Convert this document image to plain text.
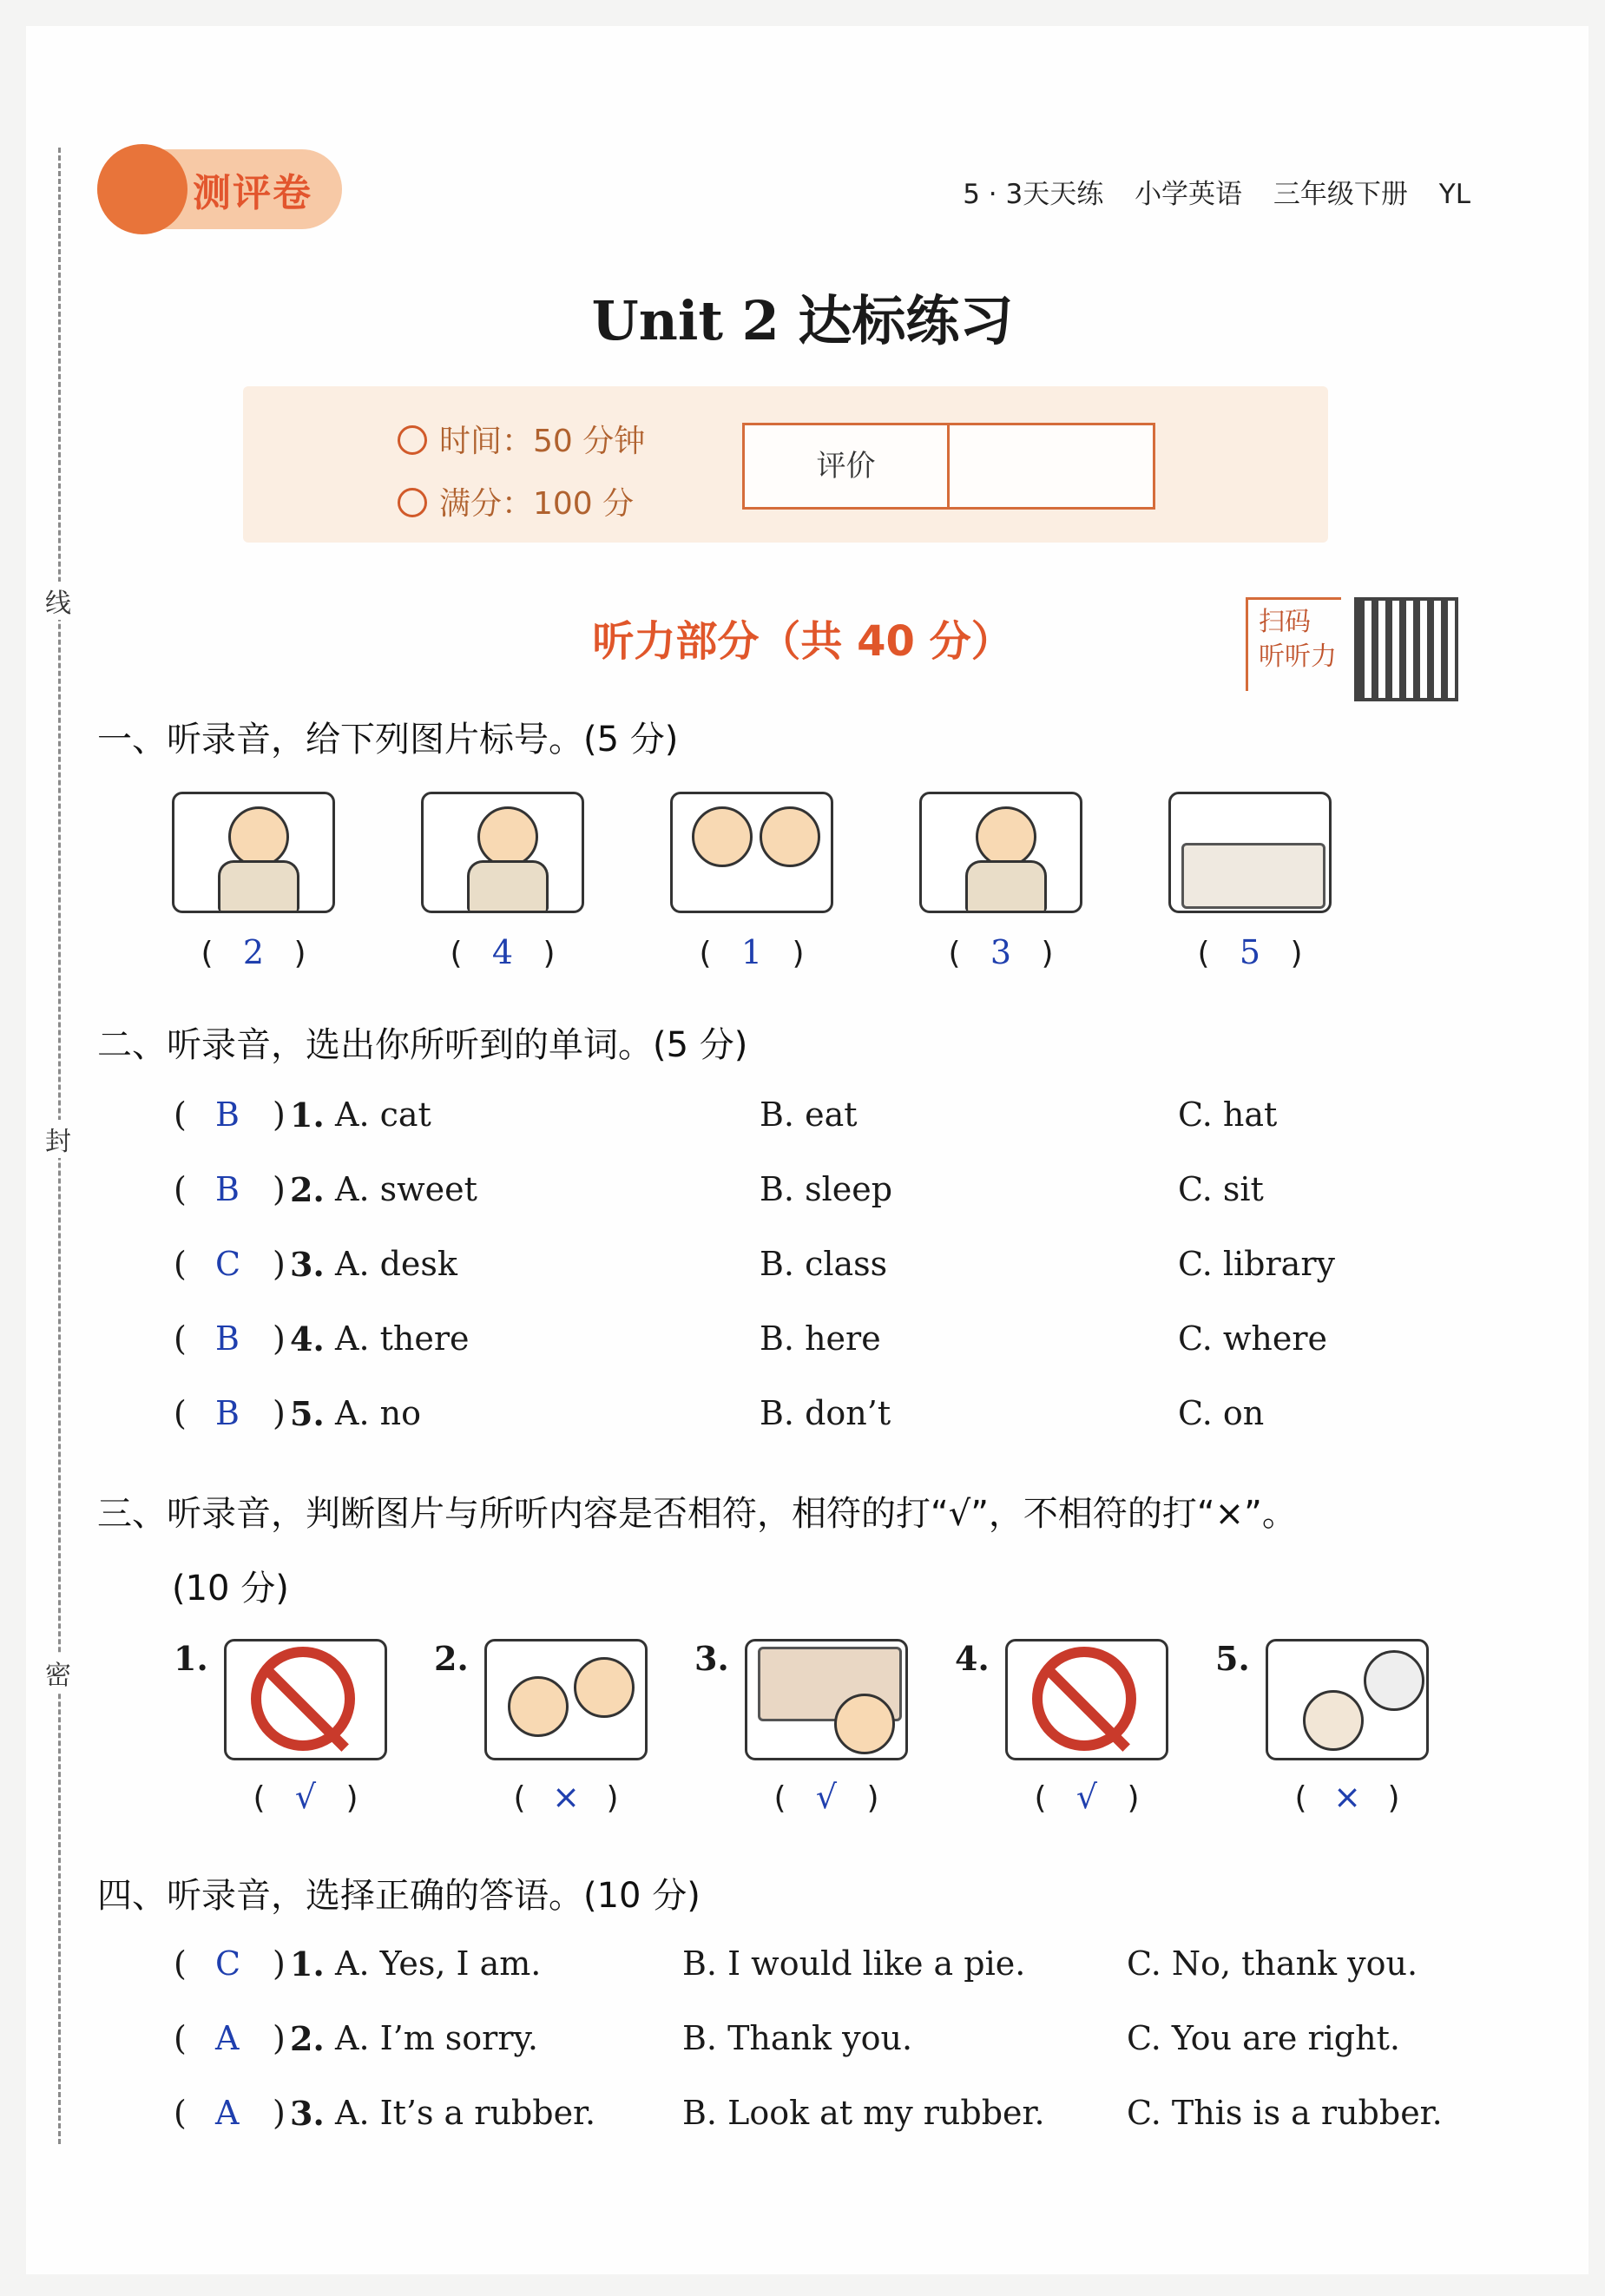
线
封
密
测评卷	5 · 3天天练 小学英语 三年级下册 YL
Unit 2 达标练习
时间：50 分钟
满分：100 分
评价
听力部分（共 40 分）	扫码
听听力
一、听录音，给下列图片标号。(5 分)
( 2 )	( 4 )	( 1 )	( 3 )	( 5 )
二、听录音，选出你所听到的单词。(5 分)
( B ) 1. A. cat	B. eat	C. hat
( B ) 2. A. sweet	B. sleep	C. sit
( C ) 3. A. desk	B. class	C. library
( B ) 4. A. there	B. here	C. where
( B ) 5. A. no	B. don’t	C. on
三、听录音，判断图片与所听内容是否相符，相符的打“√”，不相符的打“×”。
(10 分)
1.	2.	3.	4.	5.
( √ )	( × )	( √ )	( √ )	( × )
四、听录音，选择正确的答语。(10 分)
( C ) 1. A. Yes, I am.	B. I would like a pie.	C. No, thank you.
( A ) 2. A. I’m sorry.	B. Thank you.	C. You are right.
( A ) 3. A. It’s a rubber.	B. Look at my rubber. C. This is a rubber.
